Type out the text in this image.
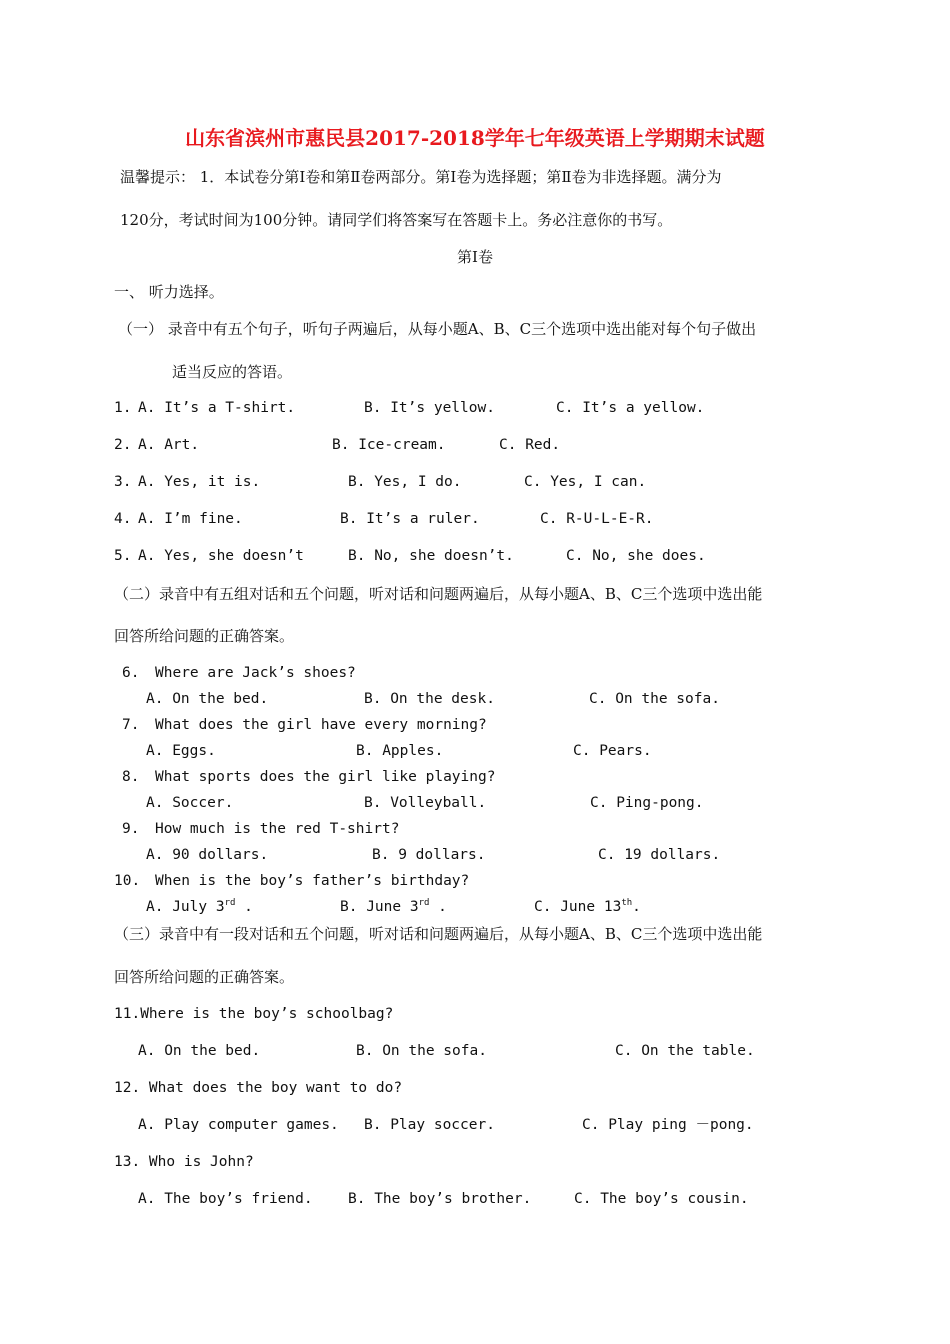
山东省滨州市惠民县2017-2018学年七年级英语上学期期末试题
温馨提示： 1．本试卷分第Ⅰ卷和第Ⅱ卷两部分。第Ⅰ卷为选择题；第Ⅱ卷为非选择题。满分为
120分，考试时间为100分钟。请同学们将答案写在答题卡上。务必注意你的书写。
第Ⅰ卷
一、 听力选择。
（一） 录音中有五个句子，听句子两遍后，从每小题A、B、C三个选项中选出能对每个句子做出
适当反应的答语。
1. A. It’s a T-shirt.	B. It’s yellow.	C. It’s a yellow.
2. A. Art.	B. Ice-cream.	C. Red.
3. A. Yes, it is.	B. Yes, I do.	C. Yes, I can.
4. A. I’m fine.	B. It’s a ruler.	C. R-U-L-E-R.
5. A. Yes, she doesn’t	B. No, she doesn’t.	C. No, she does.
（二）录音中有五组对话和五个问题，听对话和问题两遍后，从每小题A、B、C三个选项中选出能
回答所给问题的正确答案。
6. Where are Jack’s shoes?
A. On the bed.	B. On the desk.	C. On the sofa.
7. What does the girl have every morning?
A. Eggs.	B. Apples.	C. Pears.
8. What sports does the girl like playing?
A. Soccer.	B. Volleyball.	C. Ping-pong.
9. How much is the red T-shirt?
A. 90 dollars.	B. 9 dollars.	C. 19 dollars.
10. When is the boy’s father’s birthday?
A. July 3rd .	B. June 3rd .	C. June 13th.
（三）录音中有一段对话和五个问题，听对话和问题两遍后，从每小题A、B、C三个选项中选出能
回答所给问题的正确答案。
11.Where is the boy’s schoolbag?
A. On the bed.	B. On the sofa.	C. On the table.
12. What does the boy want to do?
A. Play computer games. B. Play soccer.	C. Play ping －pong.
13. Who is John?
A. The boy’s friend. B. The boy’s brother.	C. The boy’s cousin.
